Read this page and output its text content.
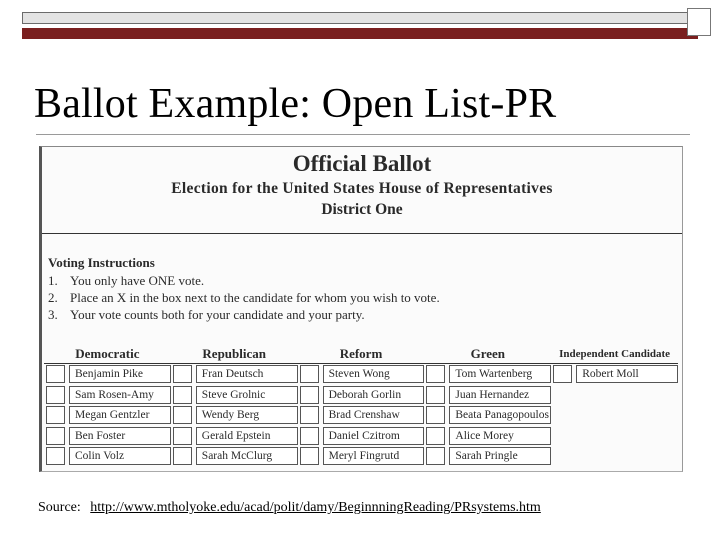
Ballot Example: Open List-PR
Official Ballot
Election for the United States House of Representatives
District One
Voting Instructions
1. You only have ONE vote.
2. Place an X in the box next to the candidate for whom you wish to vote.
3. Your vote counts both for your candidate and your party.
Democratic	Republican	Reform	Green	Independent Candidate

Benjamin Pike	Fran Deutsch	Steven Wong	Tom Wartenberg	Robert Moll

Sam Rosen-Amy	Steve Grolnic	Deborah Gorlin	Juan Hernandez	

Megan Gentzler	Wendy Berg	Brad Crenshaw	Beata Panagopoulos	

Ben Foster	Gerald Epstein	Daniel Czitrom	Alice Morey	

Colin Volz	Sarah McClurg	Meryl Fingrutd	Sarah Pringle	

Source: http://www.mtholyoke.edu/acad/polit/damy/BeginnningReading/PRsystems.htm
